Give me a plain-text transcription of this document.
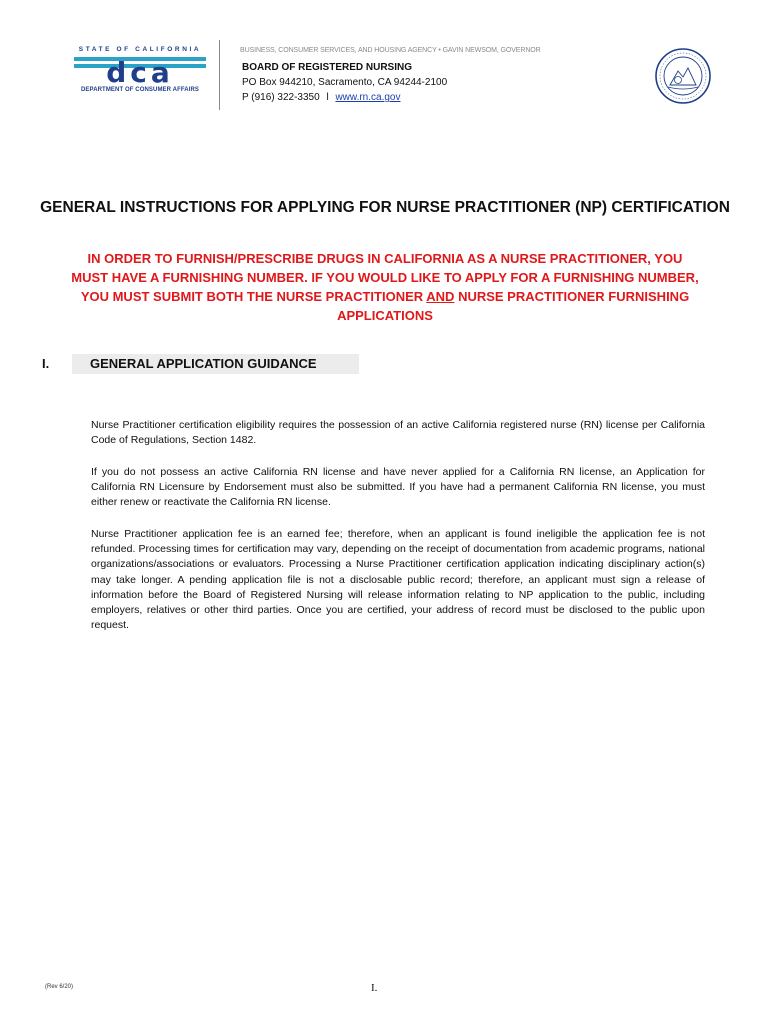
STATE OF CALIFORNIA
dca
DEPARTMENT OF CONSUMER AFFAIRS
BUSINESS, CONSUMER SERVICES, AND HOUSING AGENCY • GAVIN NEWSOM, GOVERNOR
BOARD OF REGISTERED NURSING
PO Box 944210, Sacramento, CA 94244-2100
P (916) 322-3350 l www.rn.ca.gov
GENERAL INSTRUCTIONS FOR APPLYING FOR NURSE PRACTITIONER (NP) CERTIFICATION
IN ORDER TO FURNISH/PRESCRIBE DRUGS IN CALIFORNIA AS A NURSE PRACTITIONER, YOU MUST HAVE A FURNISHING NUMBER. IF YOU WOULD LIKE TO APPLY FOR A FURNISHING NUMBER, YOU MUST SUBMIT BOTH THE NURSE PRACTITIONER AND NURSE PRACTITIONER FURNISHING APPLICATIONS
I.	GENERAL APPLICATION GUIDANCE
Nurse Practitioner certification eligibility requires the possession of an active California registered nurse (RN) license per California Code of Regulations, Section 1482.
If you do not possess an active California RN license and have never applied for a California RN license, an Application for California RN Licensure by Endorsement must also be submitted. If you have had a permanent California RN license, you must either renew or reactivate the California RN license.
Nurse Practitioner application fee is an earned fee; therefore, when an applicant is found ineligible the application fee is not refunded. Processing times for certification may vary, depending on the receipt of documentation from academic programs, national organizations/associations or evaluators. Processing a Nurse Practitioner certification application indicating disciplinary action(s) may take longer. A pending application file is not a disclosable public record; therefore, an applicant must sign a release of information before the Board of Registered Nursing will release information relating to NP application to the public, including employers, relatives or other third parties. Once you are certified, your address of record must be disclosed to the public upon request.
(Rev 6/20)	I.
